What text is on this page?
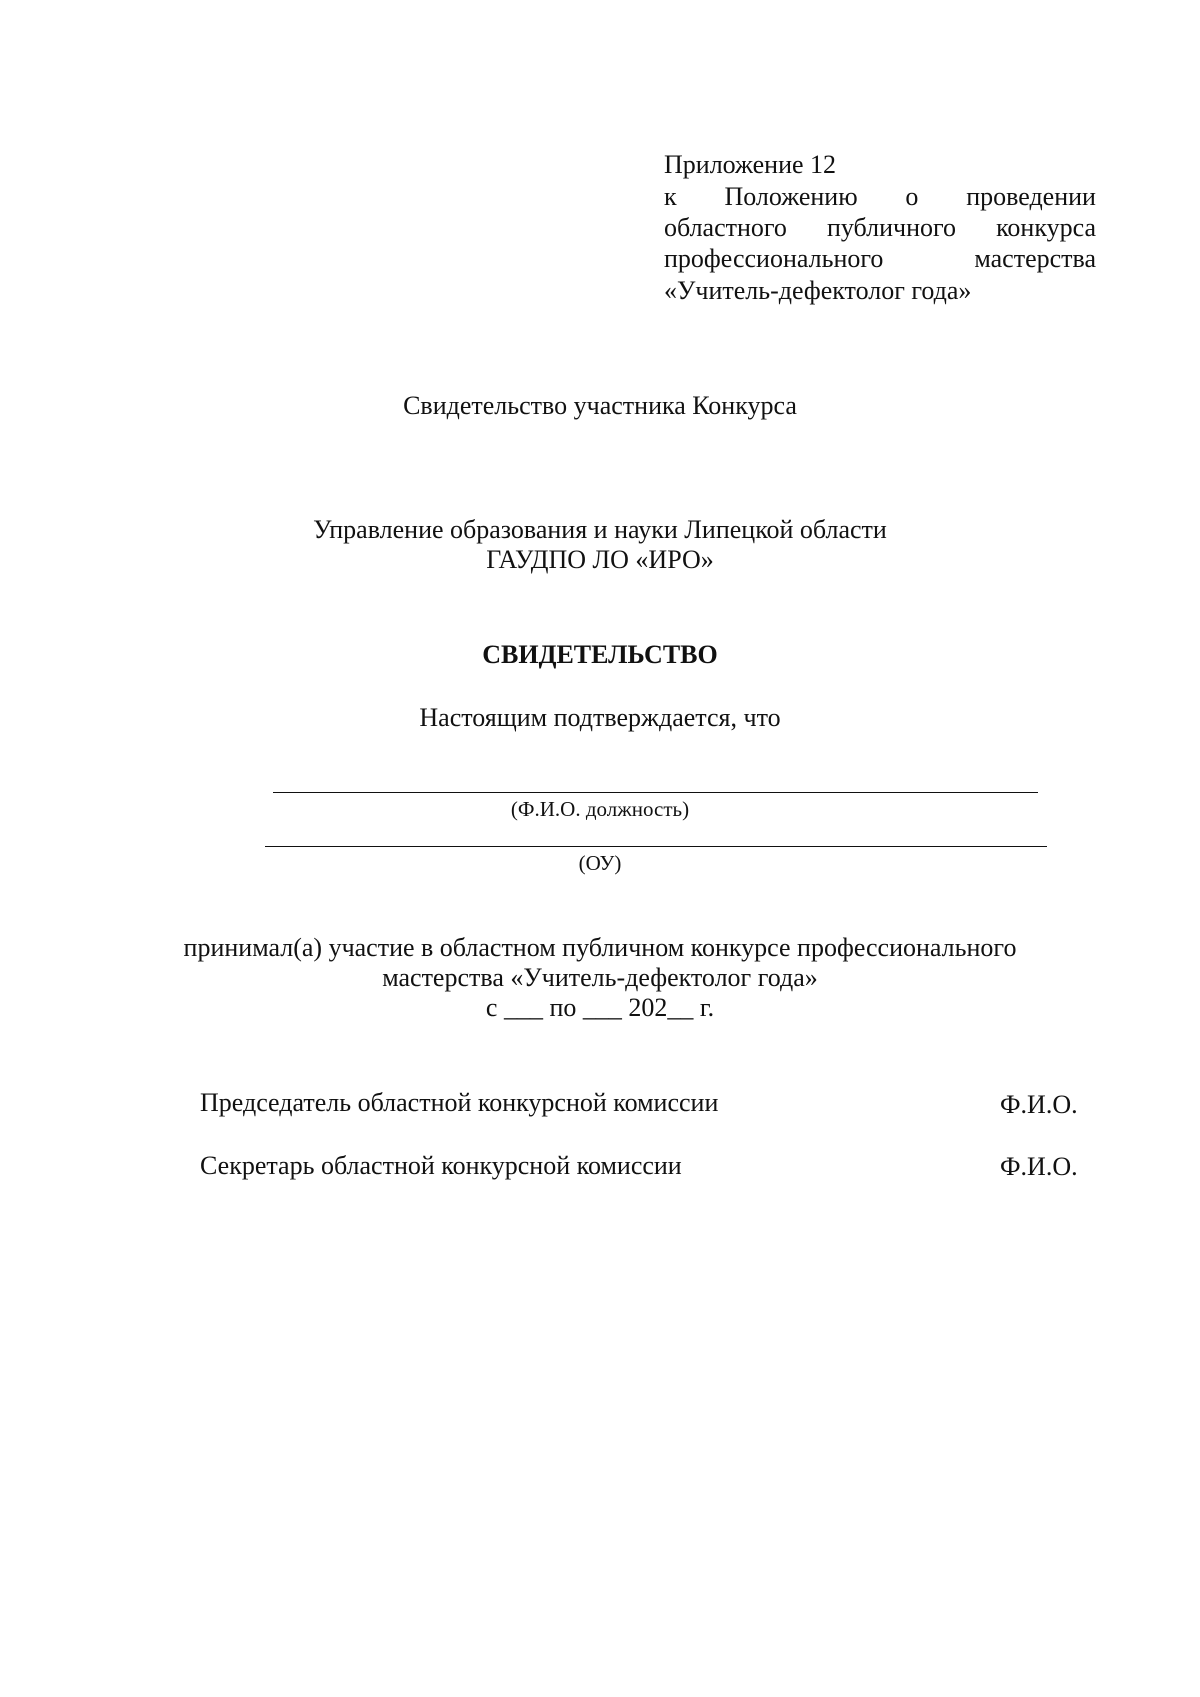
Приложение 12
к Положению о проведении
областного публичного конкурса
профессионального	мастерства
«Учитель-дефектолог года»
Свидетельство участника Конкурса
Управление образования и науки Липецкой области
ГАУДПО ЛО «ИРО»
СВИДЕТЕЛЬСТВО
Настоящим подтверждается, что
(Ф.И.О. должность)
(ОУ)
принимал(а) участие в областном публичном конкурсе профессионального
мастерства «Учитель-дефектолог года»
с ___ по ___ 202__ г.
Председатель областной конкурсной комиссии	Ф.И.О.
Секретарь областной конкурсной комиссии	Ф.И.О.
